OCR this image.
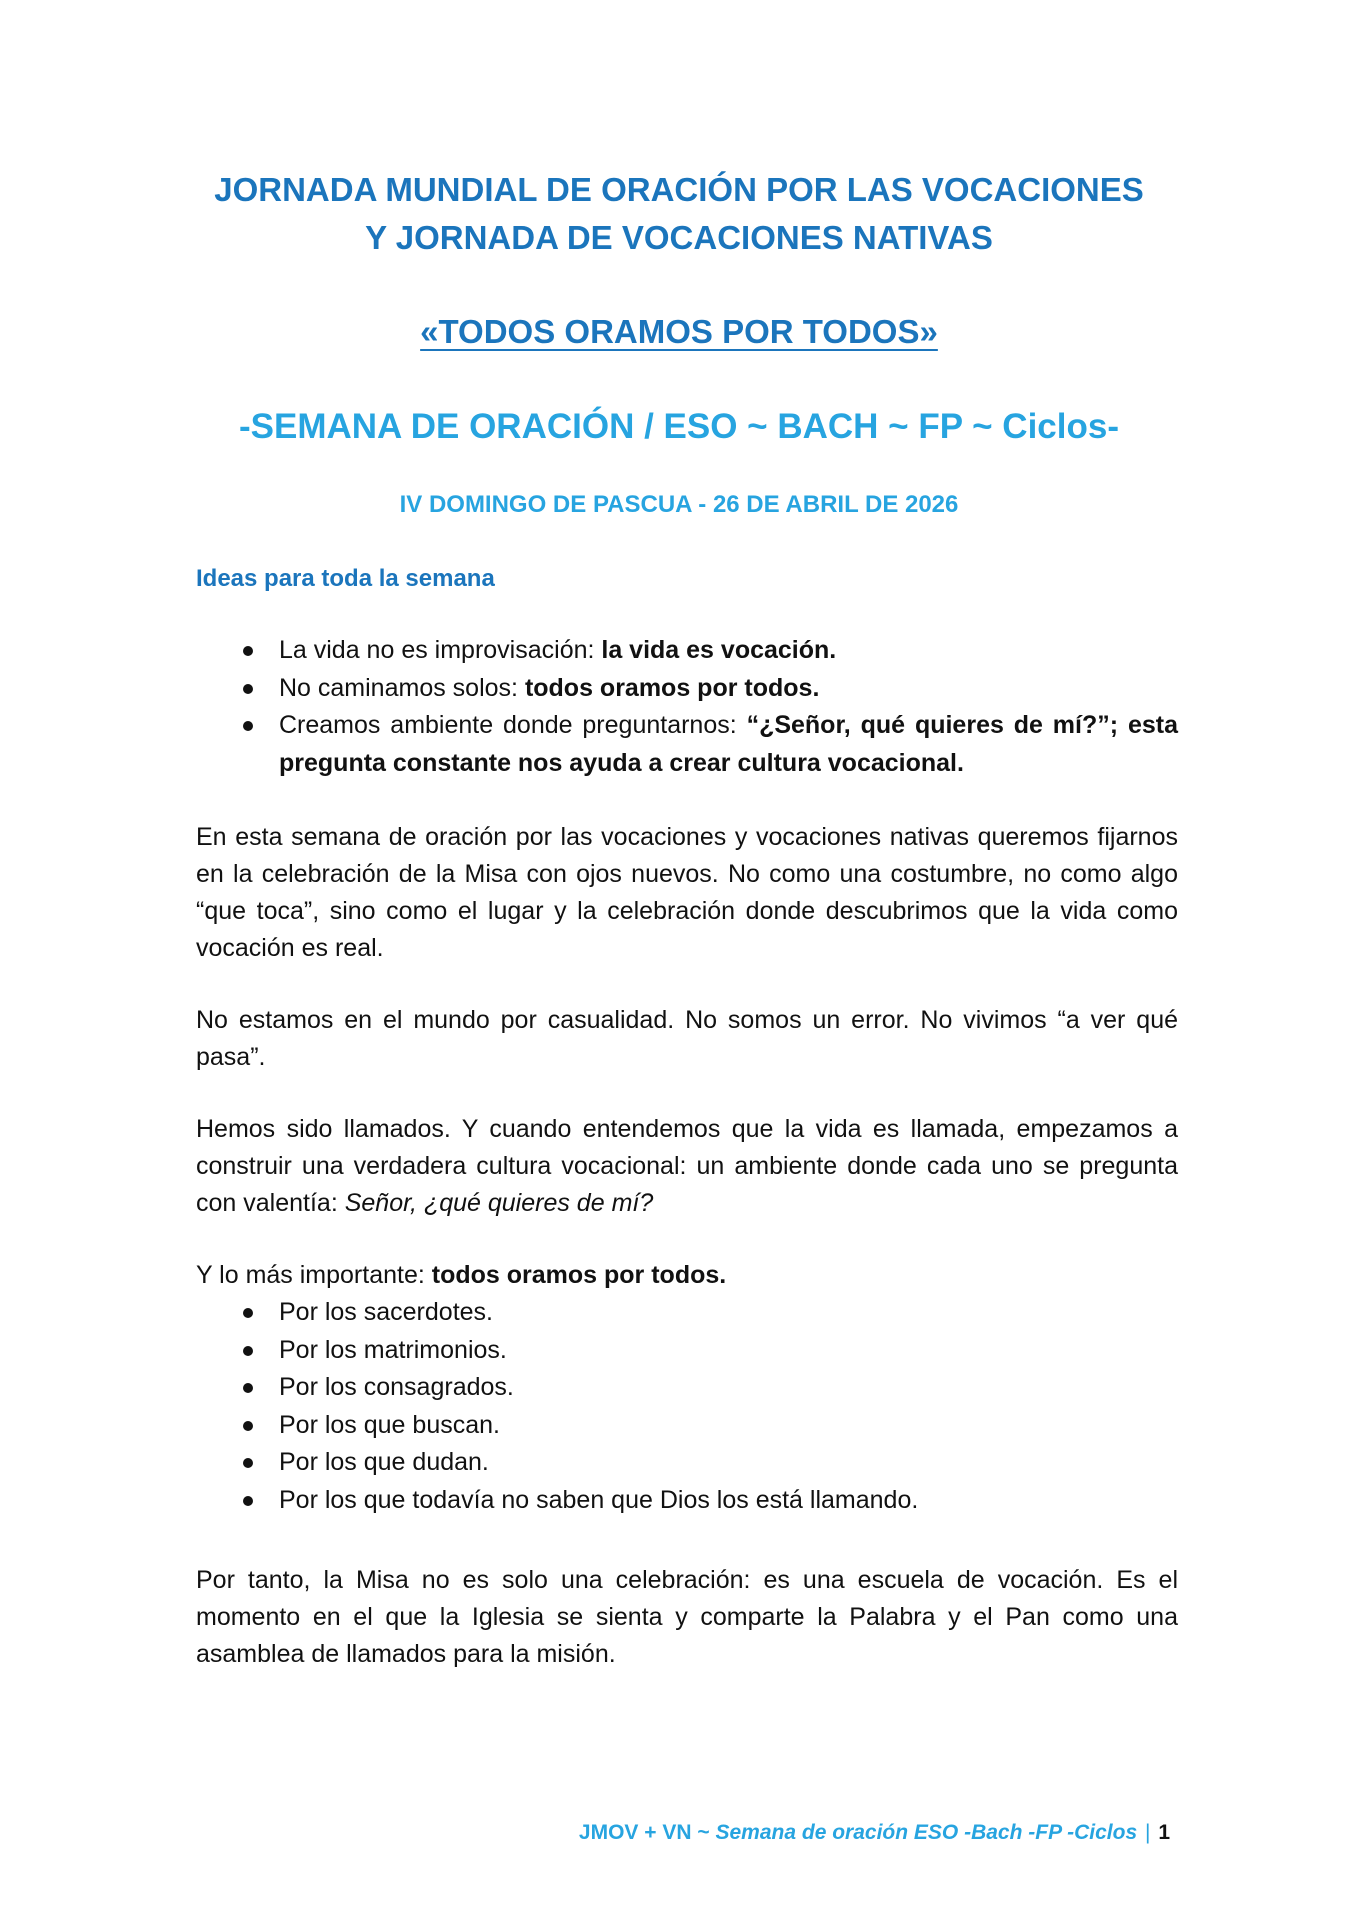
JORNADA MUNDIAL DE ORACIÓN POR LAS VOCACIONES
Y JORNADA DE VOCACIONES NATIVAS
«TODOS ORAMOS POR TODOS»
-SEMANA DE ORACIÓN / ESO ~ BACH ~ FP ~ Ciclos-
IV DOMINGO DE PASCUA - 26 DE ABRIL DE 2026
Ideas para toda la semana
La vida no es improvisación: la vida es vocación.
No caminamos solos: todos oramos por todos.
Creamos ambiente donde preguntarnos: “¿Señor, qué quieres de mí?”; esta pregunta constante nos ayuda a crear cultura vocacional.

En esta semana de oración por las vocaciones y vocaciones nativas queremos fijarnos en la celebración de la Misa con ojos nuevos. No como una costumbre, no como algo “que toca”, sino como el lugar y la celebración donde descubrimos que la vida como vocación es real.

No estamos en el mundo por casualidad. No somos un error. No vivimos “a ver qué pasa”.

Hemos sido llamados. Y cuando entendemos que la vida es llamada, empezamos a construir una verdadera cultura vocacional: un ambiente donde cada uno se pregunta con valentía: Señor, ¿qué quieres de mí?

Y lo más importante: todos oramos por todos.

Por los sacerdotes.
Por los matrimonios.
Por los consagrados.
Por los que buscan.
Por los que dudan.
Por los que todavía no saben que Dios los está llamando.

Por tanto, la Misa no es solo una celebración: es una escuela de vocación. Es el momento en el que la Iglesia se sienta y comparte la Palabra y el Pan como una asamblea de llamados para la misión.

JMOV + VN ~ Semana de oración ESO -Bach -FP -Ciclos | 1
